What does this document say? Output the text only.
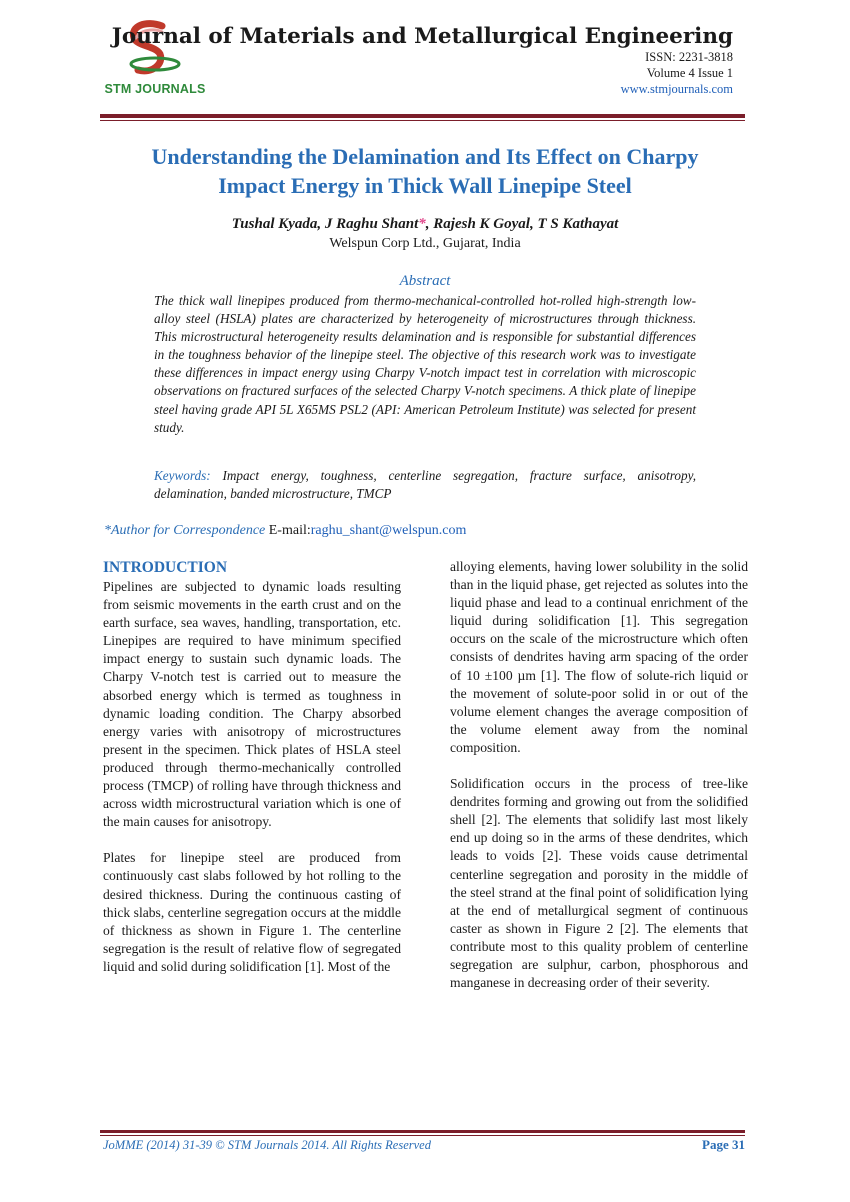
STM JOURNALS
Journal of Materials and Metallurgical Engineering
ISSN: 2231-3818
Volume 4 Issue 1
www.stmjournals.com
Understanding the Delamination and Its Effect on Charpy
Impact Energy in Thick Wall Linepipe Steel
Tushal Kyada, J Raghu Shant*, Rajesh K Goyal, T S Kathayat
Welspun Corp Ltd., Gujarat, India
Abstract
The thick wall linepipes produced from thermo-mechanical-controlled hot-rolled high-strength low-alloy steel (HSLA) plates are characterized by heterogeneity of microstructures through thickness. This microstructural heterogeneity results delamination and is responsible for substantial differences in the toughness behavior of the linepipe steel. The objective of this research work was to investigate these differences in impact energy using Charpy V-notch impact test in correlation with microscopic observations on fractured surfaces of the selected Charpy V-notch specimens. A thick plate of linepipe steel having grade API 5L X65MS PSL2 (API: American Petroleum Institute) was selected for present study.
Keywords: Impact energy, toughness, centerline segregation, fracture surface, anisotropy, delamination, banded microstructure, TMCP
*Author for Correspondence E-mail:raghu_shant@welspun.com
INTRODUCTION

Pipelines are subjected to dynamic loads resulting from seismic movements in the earth crust and on the earth surface, sea waves, handling, transportation, etc. Linepipes are required to have minimum specified impact energy to sustain such dynamic loads. The Charpy V-notch test is carried out to measure the absorbed energy which is termed as toughness in dynamic loading condition. The Charpy absorbed energy varies with anisotropy of microstructures present in the specimen. Thick plates of HSLA steel produced through thermo-mechanically controlled process (TMCP) of rolling have through thickness and across width microstructural variation which is one of the main causes for anisotropy.

Plates for linepipe steel are produced from continuously cast slabs followed by hot rolling to the desired thickness. During the continuous casting of thick slabs, centerline segregation occurs at the middle of thickness as shown in Figure 1. The centerline segregation is the result of relative flow of segregated liquid and solid during solidification [1]. Most of the

alloying elements, having lower solubility in the solid than in the liquid phase, get rejected as solutes into the liquid phase and lead to a continual enrichment of the liquid during solidification [1]. This segregation occurs on the scale of the microstructure which often consists of dendrites having arm spacing of the order of 10 ±100 µm [1]. The flow of solute-rich liquid or the movement of solute-poor solid in or out of the volume element changes the average composition of the volume element away from the nominal composition.

Solidification occurs in the process of tree-like dendrites forming and growing out from the solidified shell [2]. The elements that solidify last most likely end up doing so in the arms of these dendrites, which leads to voids [2]. These voids cause detrimental centerline segregation and porosity in the middle of the steel strand at the final point of solidification lying at the end of metallurgical segment of continuous caster as shown in Figure 2 [2]. The elements that contribute most to this quality problem of centerline segregation are sulphur, carbon, phosphorous and manganese in decreasing order of their severity.

JoMME (2014) 31-39 © STM Journals 2014. All Rights Reserved	Page 31
